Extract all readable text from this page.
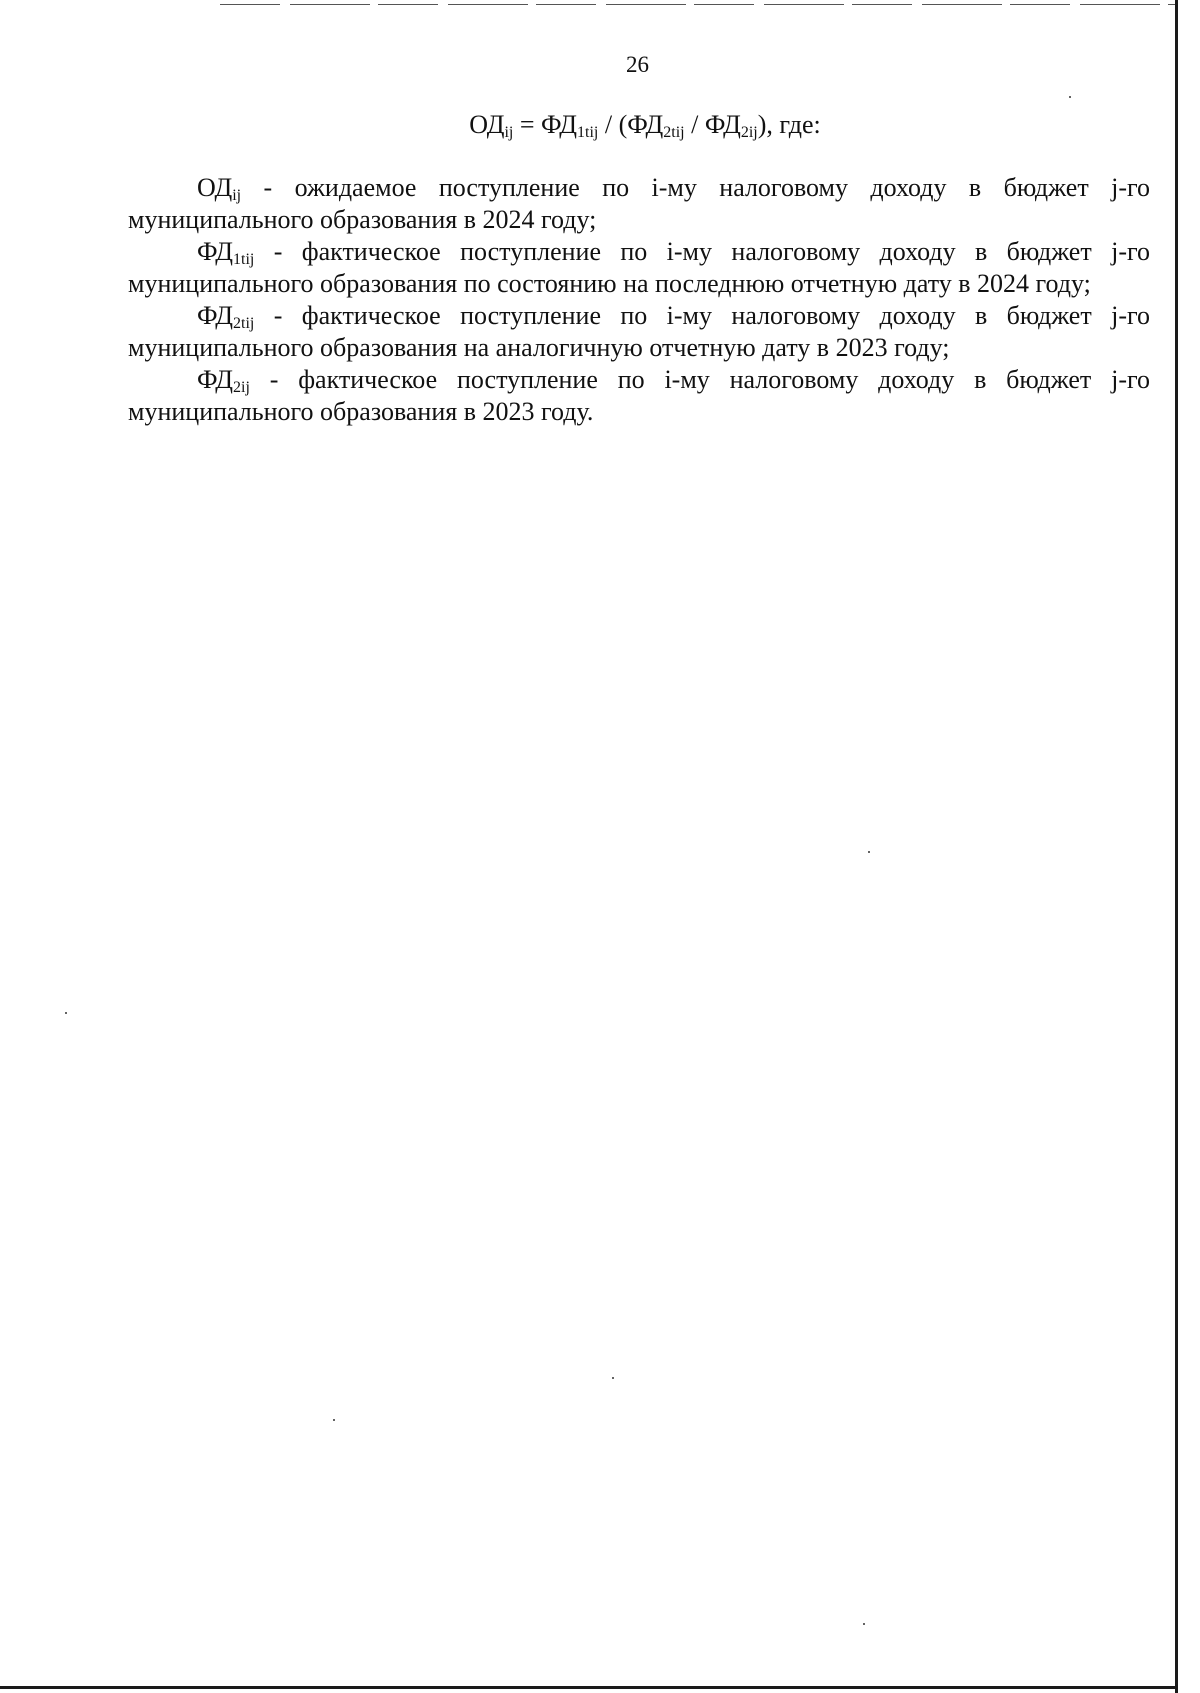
26
$ОД_{ij} = ФД_{1tij} / (ФД_{2tij} / ФД_{2ij})$, где:

$ОД_{ij}$ - ожидаемое поступление по i-му налоговому доходу в бюджет j-го муниципального образования в 2024 году;

$ФД_{1tij}$ - фактическое поступление по i-му налоговому доходу в бюджет j-го муниципального образования по состоянию на последнюю отчетную дату в 2024 году;

$ФД_{2tij}$ - фактическое поступление по i-му налоговому доходу в бюджет j-го муниципального образования на аналогичную отчетную дату в 2023 году;

$ФД_{2ij}$ - фактическое поступление по i-му налоговому доходу в бюджет j-го муниципального образования в 2023 году.
